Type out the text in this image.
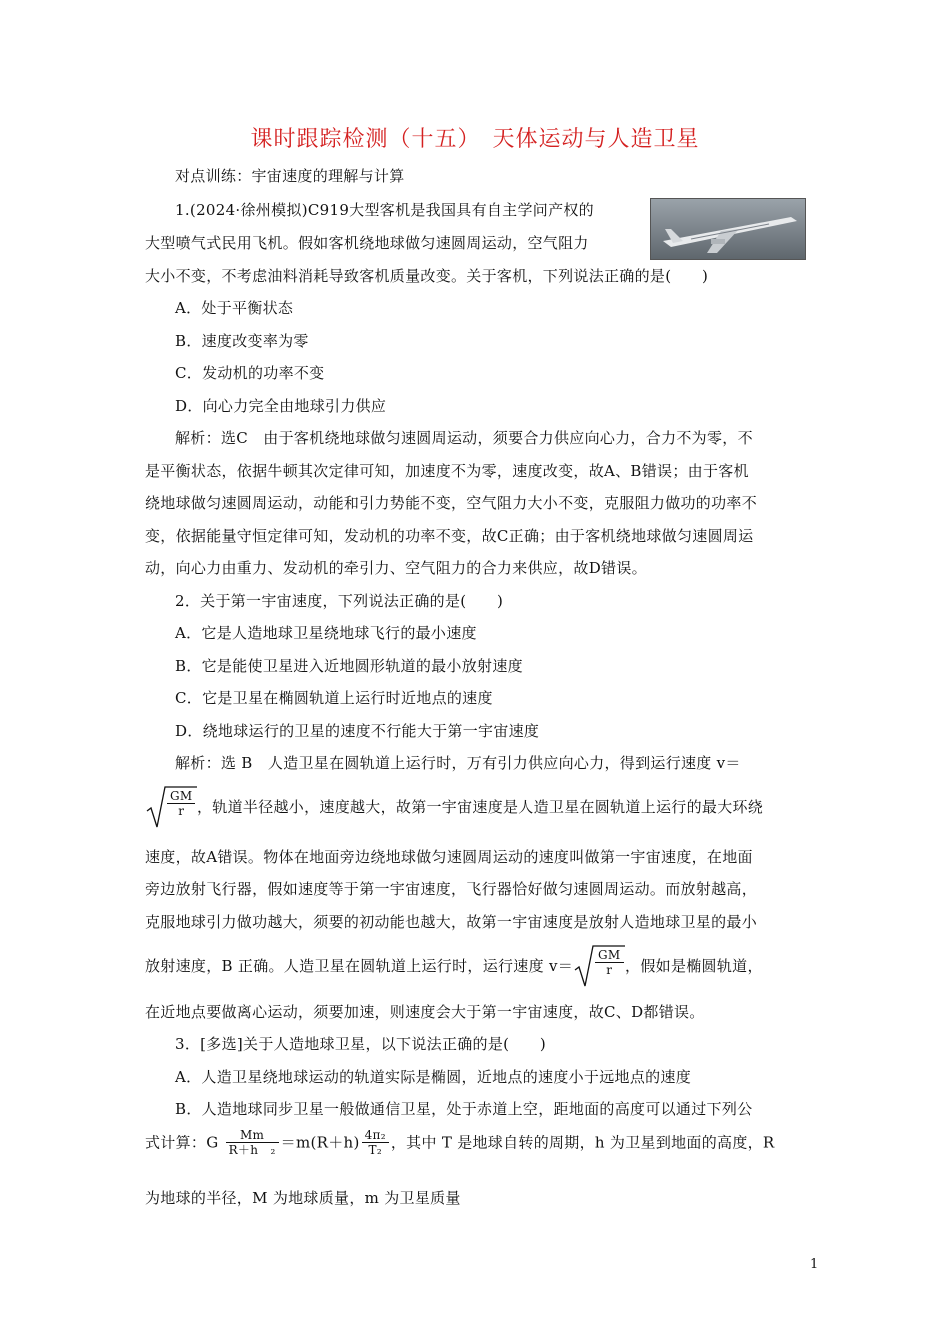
课时跟踪检测（十五）　天体运动与人造卫星
对点训练：宇宙速度的理解与计算
1.(2024·徐州模拟)C919大型客机是我国具有自主学问产权的
大型喷气式民用飞机。假如客机绕地球做匀速圆周运动，空气阻力
大小不变，不考虑油料消耗导致客机质量改变。关于客机，下列说法正确的是(　　)
A．处于平衡状态
B．速度改变率为零
C．发动机的功率不变
D．向心力完全由地球引力供应
解析：选C　由于客机绕地球做匀速圆周运动，须要合力供应向心力，合力不为零，不
是平衡状态，依据牛顿其次定律可知，加速度不为零，速度改变，故A、B错误；由于客机
绕地球做匀速圆周运动，动能和引力势能不变，空气阻力大小不变，克服阻力做功的功率不
变，依据能量守恒定律可知，发动机的功率不变，故C正确；由于客机绕地球做匀速圆周运
动，向心力由重力、发动机的牵引力、空气阻力的合力来供应，故D错误。
2．关于第一宇宙速度，下列说法正确的是(　　)
A．它是人造地球卫星绕地球飞行的最小速度
B．它是能使卫星进入近地圆形轨道的最小放射速度
C．它是卫星在椭圆轨道上运行时近地点的速度
D．绕地球运行的卫星的速度不行能大于第一宇宙速度
解析：选 B　人造卫星在圆轨道上运行时，万有引力供应向心力，得到运行速度 v＝
$\frac{GM}{r}$ ，轨道半径越小，速度越大，故第一宇宙速度是人造卫星在圆轨道上运行的最大环绕
速度，故A错误。物体在地面旁边绕地球做匀速圆周运动的速度叫做第一宇宙速度，在地面
旁边放射飞行器，假如速度等于第一宇宙速度，飞行器恰好做匀速圆周运动。而放射越高，
克服地球引力做功越大，须要的初动能也越大，故第一宇宙速度是放射人造地球卫星的最小
放射速度，B 正确。人造卫星在圆轨道上运行时，运行速度 $v= \frac{GM}{r}$ ，假如是椭圆轨道，
在近地点要做离心运动，须要加速，则速度会大于第一宇宙速度，故C、D都错误。
3．[多选]关于人造地球卫星，以下说法正确的是(　　)
A．人造卫星绕地球运动的轨道实际是椭圆，近地点的速度小于远地点的速度
B．人造地球同步卫星一般做通信卫星，处于赤道上空，距地面的高度可以通过下列公
式计算：G $\frac{Mm}{\text{R＋h　₂}} =m(R+h) \frac{\text{4π₂}}{\text{T₂}}$ ，其中 T 是地球自转的周期，h 为卫星到地面的高度，R
为地球的半径，M 为地球质量，m 为卫星质量
1
